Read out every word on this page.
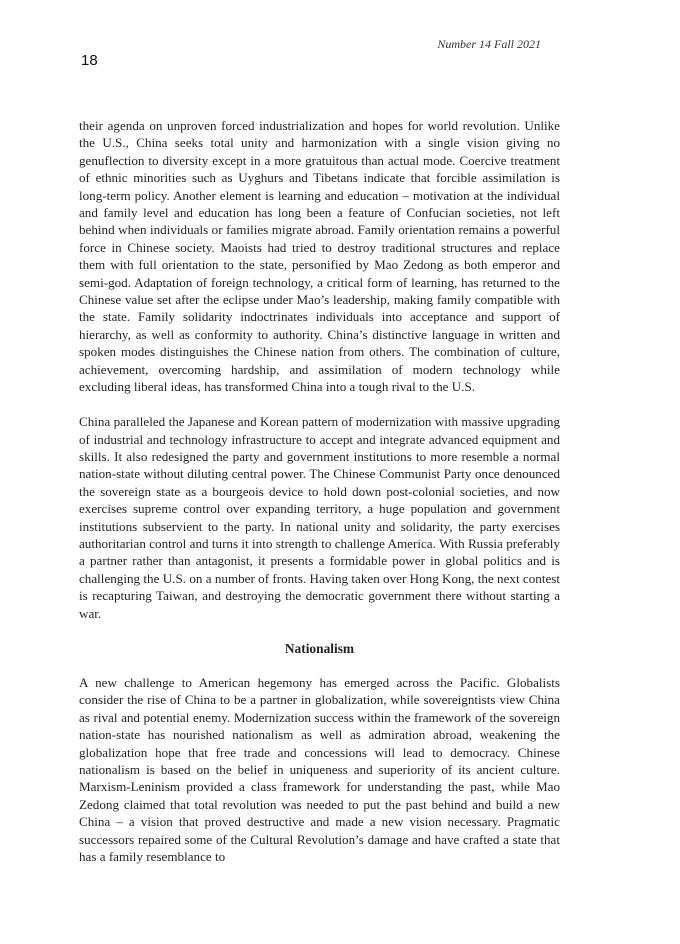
Number 14 Fall 2021
18

their agenda on unproven forced industrialization and hopes for world revolution. Unlike the U.S., China seeks total unity and harmonization with a single vision giving no genuflection to diversity except in a more gratuitous than actual mode. Coercive treatment of ethnic minorities such as Uyghurs and Tibetans indicate that forcible assimilation is long-term policy. Another element is learning and education – motivation at the individual and family level and education has long been a feature of Confucian societies, not left behind when individuals or families migrate abroad. Family orientation remains a powerful force in Chinese society. Maoists had tried to destroy traditional structures and replace them with full orientation to the state, personified by Mao Zedong as both emperor and semi-god. Adaptation of foreign technology, a critical form of learning, has returned to the Chinese value set after the eclipse under Mao’s leadership, making family compatible with the state. Family solidarity indoctrinates individuals into acceptance and support of hierarchy, as well as conformity to authority. China’s distinctive language in written and spoken modes distinguishes the Chinese nation from others. The combination of culture, achievement, overcoming hardship, and assimilation of modern technology while excluding liberal ideas, has transformed China into a tough rival to the U.S.

China paralleled the Japanese and Korean pattern of modernization with massive upgrading of industrial and technology infrastructure to accept and integrate advanced equipment and skills. It also redesigned the party and government institutions to more resemble a normal nation-state without diluting central power. The Chinese Communist Party once denounced the sovereign state as a bourgeois device to hold down post-colonial societies, and now exercises supreme control over expanding territory, a huge population and government institutions subservient to the party. In national unity and solidarity, the party exercises authoritarian control and turns it into strength to challenge America. With Russia preferably a partner rather than antagonist, it presents a formidable power in global politics and is challenging the U.S. on a number of fronts. Having taken over Hong Kong, the next contest is recapturing Taiwan, and destroying the democratic government there without starting a war.

Nationalism

A new challenge to American hegemony has emerged across the Pacific. Globalists consider the rise of China to be a partner in globalization, while sovereigntists view China as rival and potential enemy. Modernization success within the framework of the sovereign nation-state has nourished nationalism as well as admiration abroad, weakening the globalization hope that free trade and concessions will lead to democracy. Chinese nationalism is based on the belief in uniqueness and superiority of its ancient culture. Marxism-Leninism provided a class framework for understanding the past, while Mao Zedong claimed that total revolution was needed to put the past behind and build a new China – a vision that proved destructive and made a new vision necessary. Pragmatic successors repaired some of the Cultural Revolution’s damage and have crafted a state that has a family resemblance to
